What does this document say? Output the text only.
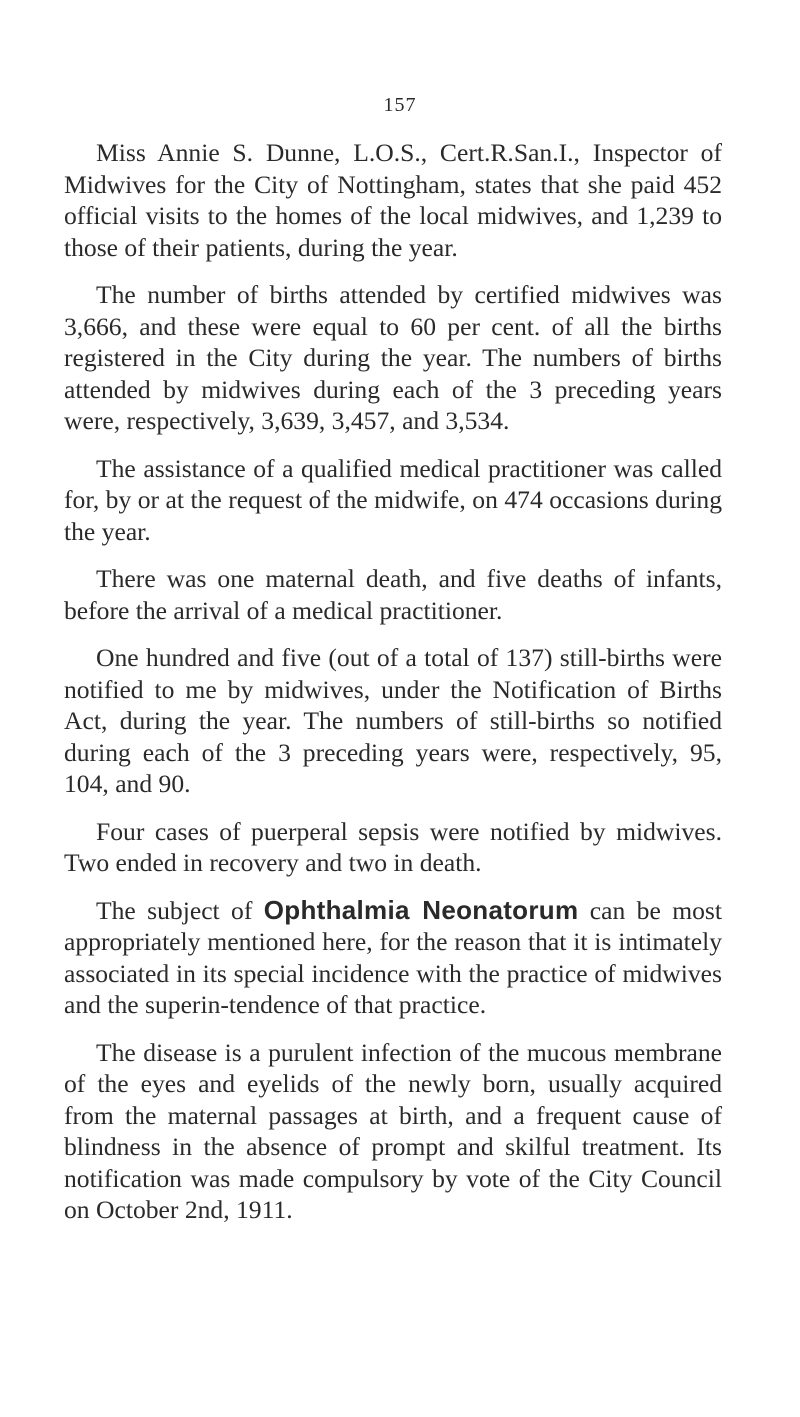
157

Miss Annie S. Dunne, L.O.S., Cert.R.San.I., Inspector of Midwives for the City of Nottingham, states that she paid 452 official visits to the homes of the local midwives, and 1,239 to those of their patients, during the year.

The number of births attended by certified midwives was 3,666, and these were equal to 60 per cent. of all the births registered in the City during the year. The numbers of births attended by midwives during each of the 3 preceding years were, respectively, 3,639, 3,457, and 3,534.

The assistance of a qualified medical practitioner was called for, by or at the request of the midwife, on 474 occasions during the year.

There was one maternal death, and five deaths of infants, before the arrival of a medical practitioner.

One hundred and five (out of a total of 137) still-births were notified to me by midwives, under the Notification of Births Act, during the year. The numbers of still-births so notified during each of the 3 preceding years were, respectively, 95, 104, and 90.

Four cases of puerperal sepsis were notified by midwives. Two ended in recovery and two in death.

The subject of Ophthalmia Neonatorum can be most appropriately mentioned here, for the reason that it is intimately associated in its special incidence with the practice of midwives and the superin-tendence of that practice.

The disease is a purulent infection of the mucous membrane of the eyes and eyelids of the newly born, usually acquired from the maternal passages at birth, and a frequent cause of blindness in the absence of prompt and skilful treatment. Its notification was made compulsory by vote of the City Council on October 2nd, 1911.
